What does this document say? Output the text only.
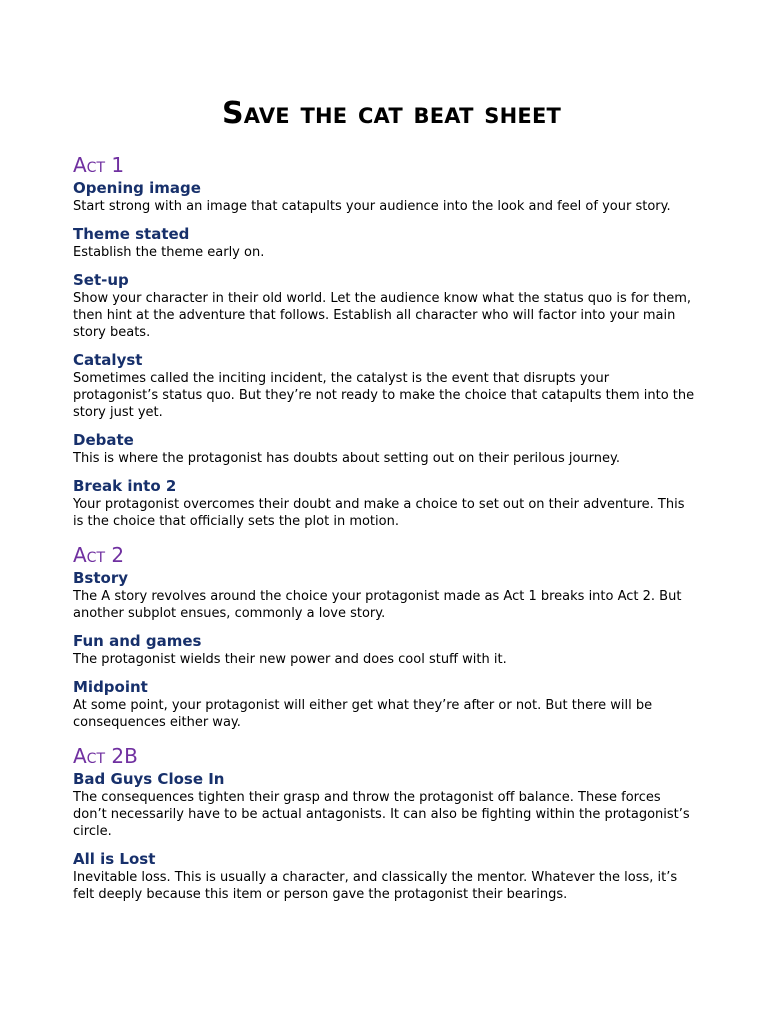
Save the cat beat sheet
Act 1
Opening image

Start strong with an image that catapults your audience into the look and feel of your story.

Theme stated

Establish the theme early on.

Set-up

Show your character in their old world. Let the audience know what the status quo is for them, then hint at the adventure that follows. Establish all character who will factor into your main story beats.

Catalyst

Sometimes called the inciting incident, the catalyst is the event that disrupts your protagonist’s status quo. But they’re not ready to make the choice that catapults them into the story just yet.

Debate

This is where the protagonist has doubts about setting out on their perilous journey.

Break into 2

Your protagonist overcomes their doubt and make a choice to set out on their adventure. This is the choice that officially sets the plot in motion.

Act 2
Bstory

The A story revolves around the choice your protagonist made as Act 1 breaks into Act 2. But another subplot ensues, commonly a love story.

Fun and games

The protagonist wields their new power and does cool stuff with it.

Midpoint

At some point, your protagonist will either get what they’re after or not. But there will be consequences either way.

Act 2B
Bad Guys Close In

The consequences tighten their grasp and throw the protagonist off balance. These forces don’t necessarily have to be actual antagonists. It can also be fighting within the protagonist’s circle.

All is Lost

Inevitable loss. This is usually a character, and classically the mentor. Whatever the loss, it’s felt deeply because this item or person gave the protagonist their bearings.
